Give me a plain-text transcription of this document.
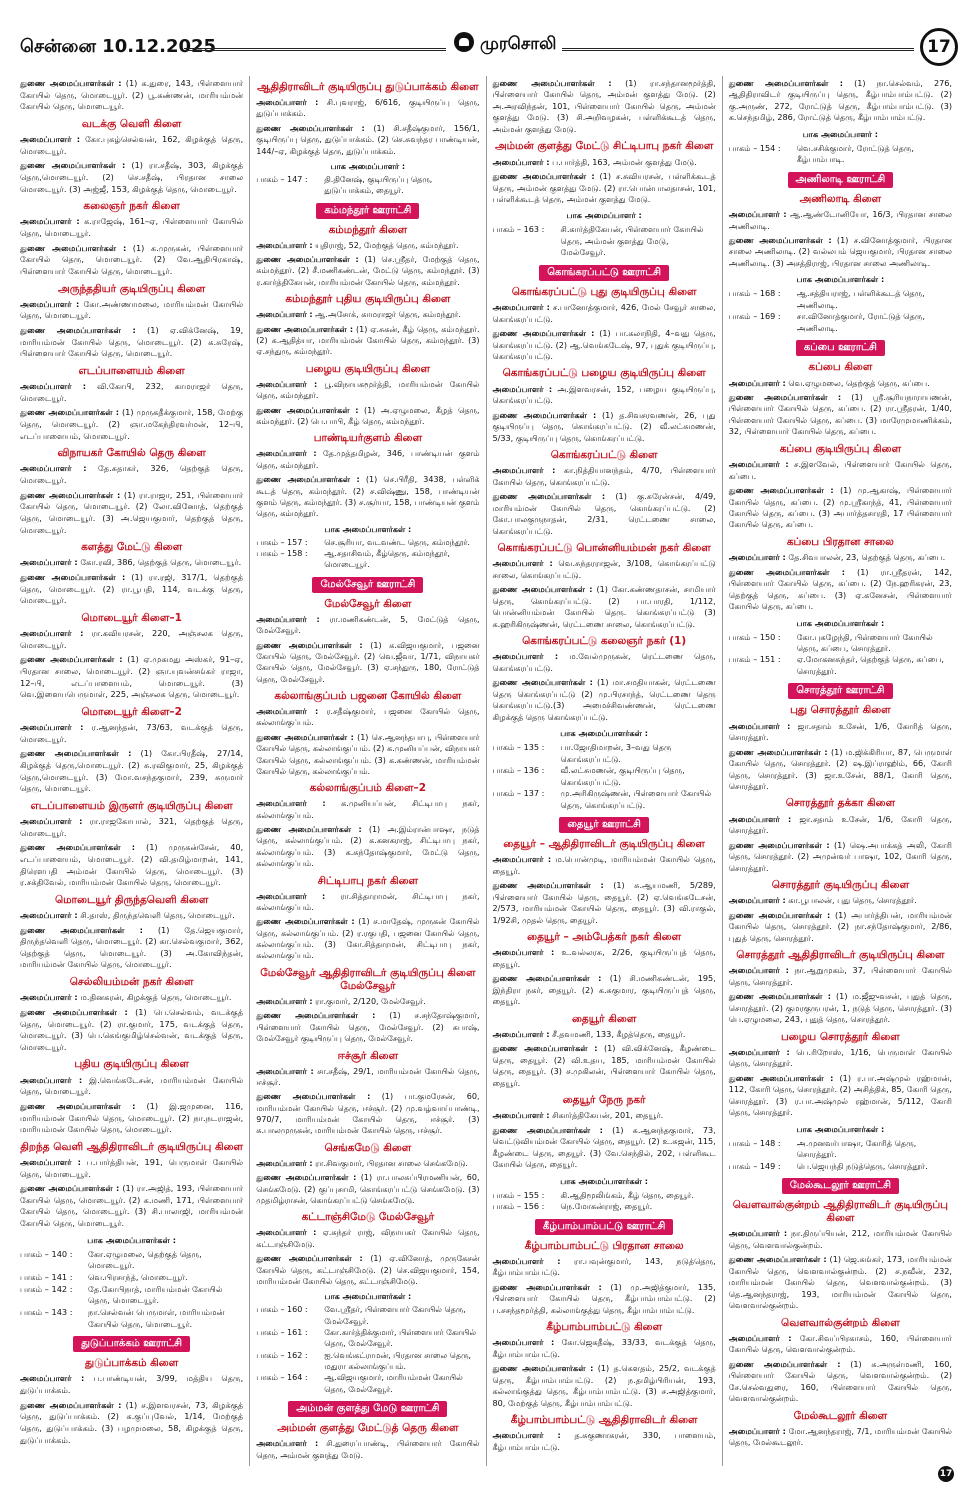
சென்னை 10.12.2025	முரசொலி	17
துணை அமைப்பாளர்கள் : (1) க.துரை, 143, பிள்ளையார் கோயில் தெரு, மொடையூர். (2) பூ.கண்ணன், மாரியம்மன் கோயில் தெரு, மொடையூர்.
வடக்கு வெளி கிளை
அமைப்பாளர் : கோ.புகழ்செல்வன், 162, கிழக்குத் தெரு, மொடையூர்.
துணை அமைப்பாளர்கள் : (1) ரா.சதீஷ், 303, கிழக்குத் தெரு,மொடையூர். (2) செ.சதீஷ், பிரதான சாலை மொடையூர். (3) அஜ்ஜீ, 153, கிழக்குத் தெரு, மொடையூர்.
கலைஞர் நகர் கிளை
அமைப்பாளர் : க.ராஜேஷ், 161–ஏ, பிள்ளையார் கோயில் தெரு, மொடையூர்.
துணை அமைப்பாளர்கள் : (1) க.முருகன், பிள்ளையார் கோயில் தெரு, மொடையூர். (2) வே.ஆதிபிரகாஷ், பிள்ளையார் கோயில் தெரு, மொடையூர்.
அருந்ததியர் குடியிருப்பு கிளை
அமைப்பாளர் : கோ.அண்ணாமலை, மாரியம்மன் கோயில் தெரு, மொடையூர்.
துணை அமைப்பாளர்கள் : (1) ஏ.விக்னேஷ், 19, மாரியம்மன் கோயில் தெரு, மொடையூர். (2) க.சுரேஷ், பிள்ளையார் கோயில் தெரு, மொடையூர்.
எடப்பாளையம் கிளை
அமைப்பாளர் : வி.கோபி, 232, காமராஜர் தெரு, மொடையூர்.
துணை அமைப்பாளர்கள் : (1) முருகதீக்குமார், 158, மேற்கு தெரு, மொடையூர். (2) ஞா.மகேந்திரவர்மன், 12–பி, எடப்பாளையம், மொடையூர்.
விநாயகர் கோயில் தெரு கிளை
அமைப்பாளர் : தே.சுதாகர், 326, தெற்குத் தெரு, மொடையூர்.
துணை அமைப்பாளர்கள் : (1) ரா.ராஜா, 251, பிள்ளையார் கோயில் தெரு, மொடையூர். (2) லோ.வினோத், தெற்குத் தெரு, மொடையூர். (3) அ.ஜெயகுமார், தெற்குத் தெரு, மொடையூர்.
களத்து மேட்டு கிளை
அமைப்பாளர் : கோ.ரவி, 386, தெற்குத் தெரு, மொடையூர்.
துணை அமைப்பாளர்கள் : (1) ரா.ரஜி, 317/1, தெற்குத் தெரு, மொடையூர். (2) ரா.பூபதி, 114, வடக்கு தெரு, மொடையூர்.
மொடையூர் கிளை–1
அமைப்பாளர் : ரா.கவியரசன், 220, அஞ்சலக தெரு, மொடையூர்.
துணை அமைப்பாளர்கள் : (1) ஏ.முகமது அஸ்கர், 91–ஏ, பிரதான சாலை, மொடையூர். (2) ஞா.யுவன்சங்கர் ராஜா, 12–பி, எடப்பாளையம், மொடையூர். (3) வெ.இளையபெருமாள், 225, அஞ்சலக தெரு, மொடையூர்.
மொடையூர் கிளை–2
அமைப்பாளர் : ர.ஆனந்தன், 73/63, வடக்குத் தெரு, மொடையூர்.
துணை அமைப்பாளர்கள் : (1) கோ.பிரதீஷ், 27/14, கிழக்குத் தெரு,மொடையூர். (2) சு.ரவிகுமார், 25, கிழக்குத் தெரு,மொடையூர். (3) மோ.வசந்தகுமார், 239, சுருமார் தெரு, மொடையூர்.
எடப்பாளையம் இருளர் குடியிருப்பு கிளை
அமைப்பாளர் : ரா.ராஜகோபால், 321, தெற்குத் தெரு, மொடையூர்.
துணை அமைப்பாளர்கள் : (1) முருகன்சேன், 40, எடப்பாளையம், மொடையூர். (2) வி.தமிழ்மாறன், 141, திரௌபதி அம்மன் கோயில் தெரு, மொடையூர். (3) ர.சக்திவேல், மாரியம்மன் கோயில் தெரு, மொடையூர்.
மொடையூர் திருந்தவெளி கிளை
அமைப்பாளர் : சி.தாஸ், திருந்தவெளி தெரு, மொடையூர்.
துணை அமைப்பாளர்கள் : (1) தே.ஜெயகுமார், திருந்தவெளி தெரு, மொடையூர். (2) கா.செல்வகுமார், 362, தெற்குத் தெரு, மொடையூர். (3) அ.கோவிந்தன், மாரியம்மன் கோயில் தெரு, மொடையூர்.
செல்லியம்மன் நகர் கிளை
அமைப்பாளர் : ம.தினகரன், கிழக்குத் தெரு, மொடையூர்.
துணை அமைப்பாளர்கள் : (1) பெ.செல்வம், வடக்குத் தெரு, மொடையூர். (2) ரா.குமார், 175, வடக்குத் தெரு, மொடையூர். (3) பெ.கெங்குமிழ்செல்வன், வடக்குத் தெரு, மொடையூர்.
புதிய குடியிருப்பு கிளை
அமைப்பாளர் : இ.வெங்கடேசன், மாரியம்மன் கோயில் தெரு, மொடையூர்.
துணை அமைப்பாளர்கள் : (1) இ.ஜமுனை, 116, மாரியம்மன் கோயில் தெரு, மொடையூர். (2) நா.நடராஜன், மாரியம்மன் கோயில் தெரு, மொடையூர்.
திறந்த வெளி ஆதிதிராவிடர் குடியிருப்பு கிளை
அமைப்பாளர் : ப.பார்த்திபன், 191, பெருமாள் கோயில் தெரு, மொடையூர்.
துணை அமைப்பாளர்கள் : (1) ரா.அஜித், 193, பிள்ளையார் கோயில் தெரு, மொடையூர். (2) க.மணி, 171, பிள்ளையார் கோயில் தெரு, மொடையூர். (3) சி.பாலாஜி, மாரியம்மன் கோயில் தெரு, மொடையூர்.
பாக அமைப்பாளர்கள் :
பாகம் – 140 :	கோ.ஏழுமலை, தெற்குத் தெரு, மொடையூர்.
பாகம் – 141 :	வெ.பிரசாந்த், மொடையூர்.
பாகம் – 142 :	தே.கோபிநாத், மாரியம்மன் கோயில் தெரு, மொடையூர்.
பாகம் – 143 :	நா.செல்வன் பெருமாள், மாரியம்மன் கோயில் தெரு, மொடையூர்.
துடுப்பாக்கம் ஊராட்சி
துடுப்பாக்கம் கிளை
அமைப்பாளர் : ப.பாண்டியன், 3/99, மத்திய தெரு, துடுப்பாக்கம்.
துணை அமைப்பாளர்கள் : (1) ச.இளவரசன், 73, கிழக்குத் தெரு, துடுப்பாக்கம். (2) க.குப்புவேல், 1/14, மேற்குத் தெரு, துடுப்பாக்கம். (3) பழமுமலை, 58, கிழக்குத் தெரு, துடுப்பாக்கம்.
ஆதிதிராவிடர் குடியிருப்பு துடுப்பாக்கம் கிளை
அமைப்பாளர் : சி.புவராஜ், 6/616, குடியிருப்பு தெரு, துடுப்பாக்கம்.
துணை அமைப்பாளர்கள் : (1) சி.சதீஷ்குமார், 156/1, குடியிருப்பு தெரு, துடுப்பாக்கம். (2) செ.சுவந்தர பாண்டியன், 144/–ஏ, கிழக்குத் தெரு, துடுப்பாக்கம்.
பாக அமைப்பாளர் :
பாகம் – 147 :	தி.தினேஷ், குடியிருப்பு தெரு, துடுப்பாக்கம், தையூர்.
கம்மந்தூர் ஊராட்சி
கம்மந்தூர் கிளை
அமைப்பாளர் : யுதிராஜ், 52, மேற்குத் தெரு, கம்மந்தூர்.
துணை அமைப்பாளர்கள் : (1) செ.ஸ்ரீதர், மேற்குத் தெரு, கம்மந்தூர். (2) சீ.மணிகண்டன், மேட்டு தெரு, கம்மந்தூர். (3) ர.கார்த்திகேயன், மாரியம்மன் கோயில் தெரு, கம்மந்தூர்.
கம்மந்தூர் புதிய குடியிருப்பு கிளை
அமைப்பாளர் : ஆ.அசோக், காமராஜர் தெரு, கம்மந்தூர்.
துணை அமைப்பாளர்கள் : (1) ஏ.சுகன், கீழ் தெரு, கம்மந்தூர். (2) க.ஆதித்யா, மாரியம்மன் கோயில் தெரு, கம்மந்தூர். (3) ஏ.சந்துரு, கம்மந்தூர்.
பழைய குடியிருப்பு கிளை
அமைப்பாளர் : பூ.விநாயகமூர்த்தி, மாரியம்மன் கோயில் தெரு, கம்மந்தூர்.
துணை அமைப்பாளர்கள் : (1) அ.ஏழுமலை, கீழத் தெரு, கம்மந்தூர். (2) பெ.பாபி, கீழ் தெரு, கம்மந்தூர்.
பாண்டியர்குளம் கிளை
அமைப்பாளர் : தே.முத்தமிழன், 346, பாண்டியன் குளம் தெரு, கம்மந்தூர்.
துணை அமைப்பாளர்கள் : (1) செ.பிரீதி, 3438, பள்ளிக் கூடத் தெரு, கம்மந்தூர். (2) ச.விஷ்ணு, 158, பாண்டியன் குளம் தெரு, கம்மந்தூர். (3) ச.சூர்யா, 158, பாண்டியன் குளம் தெரு, கம்மந்தூர்.
பாக அமைப்பாளர்கள் :
பாகம் – 157 :	செ.சூரியா, வடவண்ட தெரு, கம்மந்தூர்.
பாகம் – 158 :	ஆ.சதாசிவம், கீழ்தெரு, கம்மந்தூர், மொடையூர்.
மேல்சேவூர் ஊராட்சி
மேல்சேவூர் கிளை
அமைப்பாளர் : ரா.மணிகண்டன், 5, மேட்டுத் தெரு, மேல்சேவூர்.
துணை அமைப்பாளர்கள் : (1) க.விஜயகுமார், பஜனை கோயில் தெரு, மேல்சேவூர். (2) வெ.ஜீவா, 1/71, விநாயகர் கோயில் தெரு, மேல்சேவூர். (3) ஏ.சந்துரு, 180, ரோட்டுத் தெரு, மேல்சேவூர்.
கல்லாங்குப்பம் பஜனை கோயில் கிளை
அமைப்பாளர் : ர.சதீஷ்குமார், பஜனை கோயில் தெரு, கல்லாங்குப்பம்.
துணை அமைப்பாளர்கள் : (1) செ.ஆனந்தபாபு, பிள்ளையார் கோயில் தெரு, கல்லாங்குப்பம். (2) க.முனியப்பன், விநாயகர் கோயில் தெரு, கல்லாங்குப்பம். (3) க.கண்ணன், மாரியம்மன் கோயில் தெரு, கல்லாங்குப்பம்.
கல்லாங்குப்பம் கிளை–2
அமைப்பாளர் : க.முனியப்பன், சிட்டிபாபு நகர், கல்லாங்குப்பம்.
துணை அமைப்பாளர்கள் : (1) அ.இம்ரான்பாஷா, நடுத் தெரு, கல்லாங்குப்பம். (2) க.கனகராஜ், சிட்டிபாபு நகர், கல்லாங்குப்பம். (3) க.சுந்தோஷ்குமார், மேட்டு தெரு, கல்லாங்குப்பம்.
சிட்டிபாபு நகர் கிளை
அமைப்பாளர் : ரா.சித்தாராமன், சிட்டிபாபு நகர், கல்லாங்குப்பம்.
துணை அமைப்பாளர்கள் : (1) ச.மாதேஷ், முருகன் கோயில் தெரு, கல்லாங்குப்பம். (2) ர.ரகுபதி, பஜனை கோயில் தெரு, கல்லாங்குப்பம். (3) கோ.சித்தாரமன், சிட்டிபாபு நகர், கல்லாங்குப்பம்.
மேல்சேவூர் ஆதிதிராவிடர் குடியிருப்பு கிளை மேல்சேவூர்
அமைப்பாளர் : ரா.குமார், 2/120, மேல்சேவூர்.
துணை அமைப்பாளர்கள் : (1) ச.சந்தோஷ்குமார், பிள்ளையார் கோயில் தெரு, மேல்சேவூர். (2) சுபாஷ், மேல்சேவூர் குடியிருப்பு தெரு, மேல்சேவூர்.
ஈச்சூர் கிளை
அமைப்பாளர் : சா.சதீஷ், 29/1, மாரியம்மன் கோயில் தெரு, ஈச்சூர்.
துணை அமைப்பாளர்கள் : (1) பா.குமரேசன், 60, மாரியம்மன் கோயில் தெரு, ஈச்சூர். (2) மு.வழ்வாய்பாண்டி, 970/7, மாரியம்மன் கோயில் தெரு, ஈச்சூர். (3) சு.பாலமுருகன், மாரியம்மன் கோயில் தெரு, ஈச்சூர்.
செங்கமேடு கிளை
அமைப்பாளர் : ரா.சிவகுமார், பிரதான சாலை செங்கமேடு.
துணை அமைப்பாளர்கள் : (1) ரா.பாலசுப்பிரமணியன், 60, செங்கமேடு. (2) குப்புசாமி, கொங்கரப்பட்டு செங்கமேடு. (3) முதமிழ்ராசன், கொங்கரப்பட்டு செங்கமேடு.
கட்டாஞ்சிமேடு மேல்சேவூர்
அமைப்பாளர் : ஏ.சுந்தர் ராஜ், விநாயகர் கோயில் தெரு, கட்டாஞ்சிமேடு.
துணை அமைப்பாளர்கள் : (1) ஏ.வினோத், முருகேசன் கோயில் தெரு, கட்டாஞ்சிமேடு. (2) செ.விஜயகுமார், 154, மாரியம்மன் கோயில் தெரு, கட்டாஞ்சிமேடு.
பாக அமைப்பாளர்கள் :
பாகம் – 160 :	வே.ஸ்ரீதர், பிள்ளையார் கோயில் தெரு, மேல்சேவூர்.
பாகம் – 161 :	கோ.கார்த்திக்குமார், பிள்ளையார் கோயில் தெரு, மேல்சேவூர்.
பாகம் – 162 :	ஐ.வெங்கட்ராமன், பிரதான சாலை தெரு, மதுரா கல்லாங்குப்பம்.
பாகம் – 164 :	ஆ.விஜயகுமார், மாரியம்மன் கோயில் தெரு, மேல்சேவூர்.
அம்மன் குளத்து மேடு ஊராட்சி
அம்மன் குளத்து மேட்டுத் தெரு கிளை
அமைப்பாளர் : சி.துரைப்பாண்டி, பிள்ளையார் கோயில் தெரு, அம்மன் குளத்து மேடு.
துணை அமைப்பாளர்கள் : (1) ரா.சந்தானமூர்த்தி, பிள்ளையார் கோயில் தெரு, அம்மன் குளத்து மேடு. (2) அ.அரவிந்தன், 101, பிள்ளையார் கோயில் தெரு, அம்மன் குளத்து மேடு. (3) சி.அறிவழகன், பள்ளிக்கூடத் தெரு, அம்மன் குளத்து மேடு.
அம்மன் குளத்து மேட்டு சிட்டிபாபு நகர் கிளை
அமைப்பாளர் : ப.பார்த்தி, 163, அம்மன் குளத்து மேடு.
துணை அமைப்பாளர்கள் : (1) ச.சுவியரசன், பள்ளிக்கூடத் தெரு, அம்மன் குளத்து மேடு. (2) ரா.பொன்பாலதாசன், 101, பள்ளிக்கூடத் தெரு, அம்மன் குளத்து மேடு.
பாக அமைப்பாளர் :
பாகம் – 163 :	சி.கார்த்திகேயன், பிள்ளையார் கோயில் தெரு, அம்மன் குளத்து மேடு, மேல்சேவூர்.
கொங்கரப்பட்டு ஊராட்சி
கொங்கரப்பட்டு புது குடியிருப்பு கிளை
அமைப்பாளர் : ச.பானோத்குமார், 426, மேல் சேவூர் சாலை, கொங்கரப்பட்டு.
துணை அமைப்பாளர்கள் : (1) பா.கலாநிதி, 4–வது தெரு, கொங்கரப்பட்டு. (2) ஆ.வெங்கடேஷ், 97, புதுக் குடியிருப்பு, கொங்கரப்பட்டு.
கொங்கரப்பட்டு பழைய குடியிருப்பு கிளை
அமைப்பாளர் : அ.இளவரசன், 152, பழைய குடியிருப்பு, கொங்கரப்பட்டு.
துணை அமைப்பாளர்கள் : (1) த.சிவசரவணன், 26, புது குடியிருப்பு தெரு, கொங்கரப்பட்டு. (2) வீ.லட்சுமணன், 5/33, குடியிருப்பு தெரு, கொங்கரப்பட்டு.
கொங்கரப்பட்டு கிளை
அமைப்பாளர் : கா.நித்தியானந்தம், 4/70, பிள்ளையார் கோயில் தெரு, கொங்கரப்பட்டு.
துணை அமைப்பாளர்கள் : (1) கு.சுரேன்சன், 4/49, மாரியம்மன் கோயில் தெரு, கொங்கரப்பட்டு. (2) கோ.பாலகுருநாதன், 2/31, ரெட்டணை சாலை, கொங்கரப்பட்டு.
கொங்கரப்பட்டு பொன்னியம்மன் நகர் கிளை
அமைப்பாளர் : வெ.சுந்தரராஜன், 3/108, கொங்கரப்பட்டு சாலை, கொங்கரப்பட்டு.
துணை அமைப்பாளர்கள் : (1) கோ.கண்ணதாசன், சாமியார் தெரு, கொங்கரப்பட்டு. (2) பா.பாரதி, 1/112, பொன்னியம்மன் கோயில் தெரு. கொங்கரப்பட்டு (3) க.ஹரிகிருஷ்ணன், ரெட்டணை சாலை, கொங்கரப்பட்டு.
கொங்கரப்பட்டு கலைஞர் நகர் (1)
அமைப்பாளர் : ம.வேல்முருகன், ரெட்டணை தெரு, கொங்கரப்பட்டு.
துணை அமைப்பாளர்கள் : (1) மா.சமதியாகன், ரெட்டணை தெரு கொங்கரப்பட்டு (2) மு.பிரசாந்த், ரெட்டணை தெரு கொங்கரப்பட்டு.(3) அமைச்சிவண்ணன், ரெட்டணை கிழக்குத் தெரு கொங்கரப்பட்டு.
பாக அமைப்பாளர்கள் :
பாகம் – 135 :	பா.ஜோதிமாறன், 3–வது தெரு கொங்கரப்பட்டு.
பாகம் – 136 :	வீ.லட்சுமணன், குடியிருப்பு தெரு, கொங்கரப்பட்டு.
பாகம் – 137 :	மு.அரிகிருஷ்ணன், பிள்ளையார் கோயில் தெரு, கொங்கரப்பட்டு.
தையூர் ஊராட்சி
தையூர் – ஆதிதிராவிடர் குடியிருப்பு கிளை
அமைப்பாளர் : ம.பொன்முடி, மாரியம்மன் கோயில் தெரு, தையூர்.
துணை அமைப்பாளர்கள் : (1) சு.ஆயமணி, 5/289, பிள்ளையார் கோயில் தெரு, தையூர். (2) ஏ.வெங்கடேசன், 2/573, மாரியம்மன் கோயில் தெரு, தையூர். (3) வி.ராகுல், 1/92சி, முதல் தெரு, தையூர்.
தையூர் – அம்பேத்கர் நகர் கிளை
அமைப்பாளர் : உ.வல்லரசு, 2/26, குடியிருப்புத் தெரு, தையூர்.
துணை அமைப்பாளர்கள் : (1) சி.மணிகண்டன், 195, இந்திரா நகர், தையூர். (2) க.சுகுமார, குடியிருப்புத் தெரு, தையூர்.
தையூர் கிளை
அமைப்பாளர் : சீ.தவமணி, 133, கீழத்தெரு, தையூர்.
துணை அமைப்பாளர்கள் : (1) வி.விக்னேஷ், கீழண்டை தெரு, தையூர். (2) வி.உதய, 185, மாரியம்மன் கோயில் தெரு, தையூர். (3) ச.முகிலன், பிள்ளையார் கோயில் தெரு, தையூர்.
தையூர் நேரு நகர்
அமைப்பாளர் : சிகார்த்திகேயன், 201, தையூர்.
துணை அமைப்பாளர்கள் : (1) சு.ஆனந்தகுமார், 73, வெட்டுவியம்மன் கோயில் தெரு, தையூர். (2) உ.சுஜன், 115, கீழண்டை தெரு, தையூர். (3) வே.செந்தில், 202, பள்ளிகூட கோயில் தெரு, தையூர்.
பாக அமைப்பாளர்கள் :
பாகம் – 155 :	கி.ஆதிமூலிங்கம், கீழ் தெரு, தையூர்.
பாகம் – 156 :	நெ.மோகன்ராஜ், தையூர்.
கீழ்பாம்பாம்பட்டு ஊராட்சி
கீழ்பாம்பாம்பட்டு பிரதான சாலை
அமைப்பாளர் : ரா.பவுன்குமார், 143, நடுத்தெரு, கீழ்பாம்பாம்பட்டு.
துணை அமைப்பாளர்கள் : (1) மு.அஜித்குமார், 135, பிள்ளையார் கோயில் தெரு, கீழ்பாம்பாம்பட்டு. (2) ப.சசந்தமூர்த்தி, கல்லாங்குத்து தெரு, கீழ்பாம்பாம்பட்டு.
கீழ்பாம்பாம்பட்டு கிளை
அமைப்பாளர் : கோ.ஜெகதீஷ், 33/33, வடக்குத் தெரு, கீழ்பாம்பாம்பட்டு.
துணை அமைப்பாளர்கள் : (1) த.கௌதம், 25/2, வடக்குத் தெரு, கீழ்பாம்பாம்பட்டு. (2) ந.தமிழ்பிரியன், 193, கல்லாங்குத்து தெரு, கீழ்பாம்பாம்பட்டு. (3) ச.அஜித்குமார், 80, மேற்குத் தெரு, கீழ்பாம்பாம்பட்டு.
கீழ்பாம்பாம்பட்டு ஆதிதிராவிடர் கிளை
அமைப்பாளர் : த.சுகுணாகரன், 330, பாளையம், கீழ்பாம்பாம்பட்டு.
துணை அமைப்பாளர்கள் : (1) நா.செல்வம், 276, ஆதிதிராவிடர் குடியிருப்பு தெரு, கீழ்பாம்பாம்பட்டு. (2) கு.அருண், 272, ரோட்டுத் தெரு, கீழ்பாம்பாம்பட்டு. (3) க.செந்தமிழ், 286, ரோட்டுத் தெரு, கீழ்பாம்பாம்பட்டு.
பாக அமைப்பாளர் :
பாகம் – 154 :	வெ.சசிக்குமார், ரோட்டுத் தெரு, கீழ்பாம்பாடி.
அணிலாடி ஊராட்சி
அணிலாடி கிளை
அமைப்பாளர் : ஆ.ஆண்டோனியோ, 16/3, பிரதான சாலை அணிலாடி.
துணை அமைப்பாளர்கள் : (1) ச.வினோத்குமார், பிரதான சாலை அணிலாடி. (2) வல்லபம் ஜெயகுமார், பிரதான சாலை அணிலாடி. (3) அசத்திராஜ், பிரதான சாலை அணிலாடி.
பாக அமைப்பாளர்கள் :
பாகம் – 168 :	ஆ.சத்தியராஜ், பள்ளிக்கூடத் தெரு, அணிலாடி.
பாகம் – 169 :	சா.வினோத்குமார், ரோட்டுத் தெரு, அணிலாடி.
கப்பை ஊராட்சி
கப்பை கிளை
அமைப்பாளர் : வெ.ஏழுமலை, தெற்குத் தெரு, கப்பை.
துணை அமைப்பாளர்கள் : (1) ஸ்ரீ.சூரியநாராயணன், பிள்ளையார் கோயில் தெரு, கப்பை. (2) ரா.ஸ்ரீதரன், 1/40, பிள்ளையார் கோயில் தெரு, கப்பை. (3) மாரேமுமாணிக்கம், 32, பிள்ளையார் கோயில் தெரு, கப்பை.
கப்பை குடியிருப்பு கிளை
அமைப்பாளர் : ச.இளவேல், பிள்ளையார் கோயில் தெரு, கப்பை.
துணை அமைப்பாளர்கள் : (1) மு.ஆகாஷ், பிள்ளையார் கோயில் தெரு, கப்பை. (2) மு.ஸ்ரீகாந்த், 41, பிள்ளையார் கோயில் தெரு, கப்பை. (3) அபார்த்தசாரதி, 17 பிள்ளையார் கோயில் தெரு, கப்பை.
கப்பை பிரதான சாலை
அமைப்பாளர் : தே.சிவபாலன், 23, தெற்குத் தெரு, கப்பை.
துணை அமைப்பாளர்கள் : (1) ரா.ஸ்ரீதரன், 142, பிள்ளையார் கோயில் தெரு, கப்பை. (2) நே.ஹரிகரன், 23, தெற்குத் தெரு, கப்பை. (3) ஏ.கனேசன், பிள்ளையார் கோயில் தெரு, கப்பை.
பாக அமைப்பாளர்கள் :
பாகம் – 150 :	கோ.புகழேந்தி, பிள்ளையார் கோயில் தெரு, கப்பை, சொரத்தூர்.
பாகம் – 151 :	ஏ.மோகனசுந்தர், தெற்குத் தெரு, கப்பை, சொரத்தூர்.
சொரத்தூர் ஊராட்சி
புது சொரத்தூர் கிளை
அமைப்பாளர் : ஜா.சதாம் உசேன், 1/6, கோரித் தெரு, சொரத்தூர்.
துணை அமைப்பாளர்கள் : (1) ம.ஜிக்கிரியா, 87, பெருமாள் கோயில் தெரு, சொரத்தூர். (2) ஷ.இப்ராஹிம், 66, கோரி தெரு, சொரத்தூர். (3) ஜா.உசேன், 88/1, கோரி தெரு, சொரத்தூர்.
சொரத்தூர் தக்கா கிளை
அமைப்பாளர் : ஜா.சதாம் உசேன், 1/6, கோரி தெரு, சொரத்தூர்.
துணை அமைப்பாளர்கள் : (1) ஷெ.அபாக்கத் அலி, கோரி தெரு, சொரத்தூர். (2) அமுன்வர் பாஷா, 102, கோரி தெரு, சொரத்தூர்.
சொரத்தூர் குடியிருப்பு கிளை
அமைப்பாளர் : கா.பூபாலன், புது தெரு, சொரத்தூர்.
துணை அமைப்பாளர்கள் : (1) அபார்த்திபன், மாரியம்மன் கோயில் தெரு, சொரத்தூர். (2) நா.சந்தோஷ்குமார், 2/86, புதுத் தெரு, சொரத்தூர்.
சொரத்தூர் ஆதிதிராவிடர் குடியிருப்பு கிளை
அமைப்பாளர் : நா.ஆறுமுகம், 37, பிள்ளையார் கோயில் தெரு, சொரத்தூர்.
துணை அமைப்பாளர்கள் : (1) ம.ஜீஜுவசன், புதுத் தெரு, சொரத்தூர். (2) குமரகுருபரன், 1, நடுத் தெரு, சொரத்தூர். (3) பெ.ஏழுமலை, 243, புதுத் தெரு, சொரத்தூர்.
பழைய சொரத்தூர் கிளை
அமைப்பாளர் : பெ.ரிறோஸ், 1/16, பெருமாள் கோயில் தெரு, சொரத்தூர்.
துணை அமைப்பாளர்கள் : (1) ர.பா.அஷ்முல் ரஹ்மான், 112, கோரி தெரு, சொரத்தூர். (2) அசித்திக், 85, கோரி தெரு, சொரத்தூர். (3) ர.பா.அஷ்முல் ரஹ்மான், 5/112, கோரி தெரு, சொரத்தூர்.
பாக அமைப்பாளர்கள் :
பாகம் – 148 :	அ.முனவர்பாஷா, கோரித் தெரு, சொரத்தூர்.
பாகம் – 149 :	பெ.ஜெயந்தி நடுத்தெரு, சொரத்தூர்.
மேல்கூடலூர் ஊராட்சி
வெளவால்குன்றம் ஆதிதிராவிடர் குடியிருப்பு கிளை
அமைப்பாளர் : நா.திருப்பியன், 212, மாரியம்மன் கோயில் தெரு, வெளவால்குன்றம்.
துணை அமைப்பாளர்கள் : (1) ஜெ.சுங்கர், 173, மாரியம்மன் கோயில் தெரு, வெளவால்குன்றம். (2) ச.நவீன், 232, மாரியம்மன் கோயில் தெரு, வெளவால்குன்றம். (3) தெ.ஆனந்தராஜ், 193, மாரியம்மன் கோயில் தெரு, வெளவால்குன்றம்.
வெளவால்குன்றம் கிளை
அமைப்பாளர் : கோ.சிவப்பிரகாசம், 160, பிள்ளையார் கோயில் தெரு, வெளவால்குன்றம்.
துணை அமைப்பாளர்கள் : (1) சு.அருள்மணி, 160, பிள்ளையார் கோயில் தெரு, வெளவால்குன்றம். (2) சே.செல்வதுரை, 160, பிள்ளையார் கோயில் தெரு, வெளவால்குன்றம்.
மேல்கூடலூர் கிளை
அமைப்பாளர் : மோ.ஆனந்தராஜ், 7/1, மாரியம்மன் கோயில் தெரு, மேல்கூடலூர்.
17
